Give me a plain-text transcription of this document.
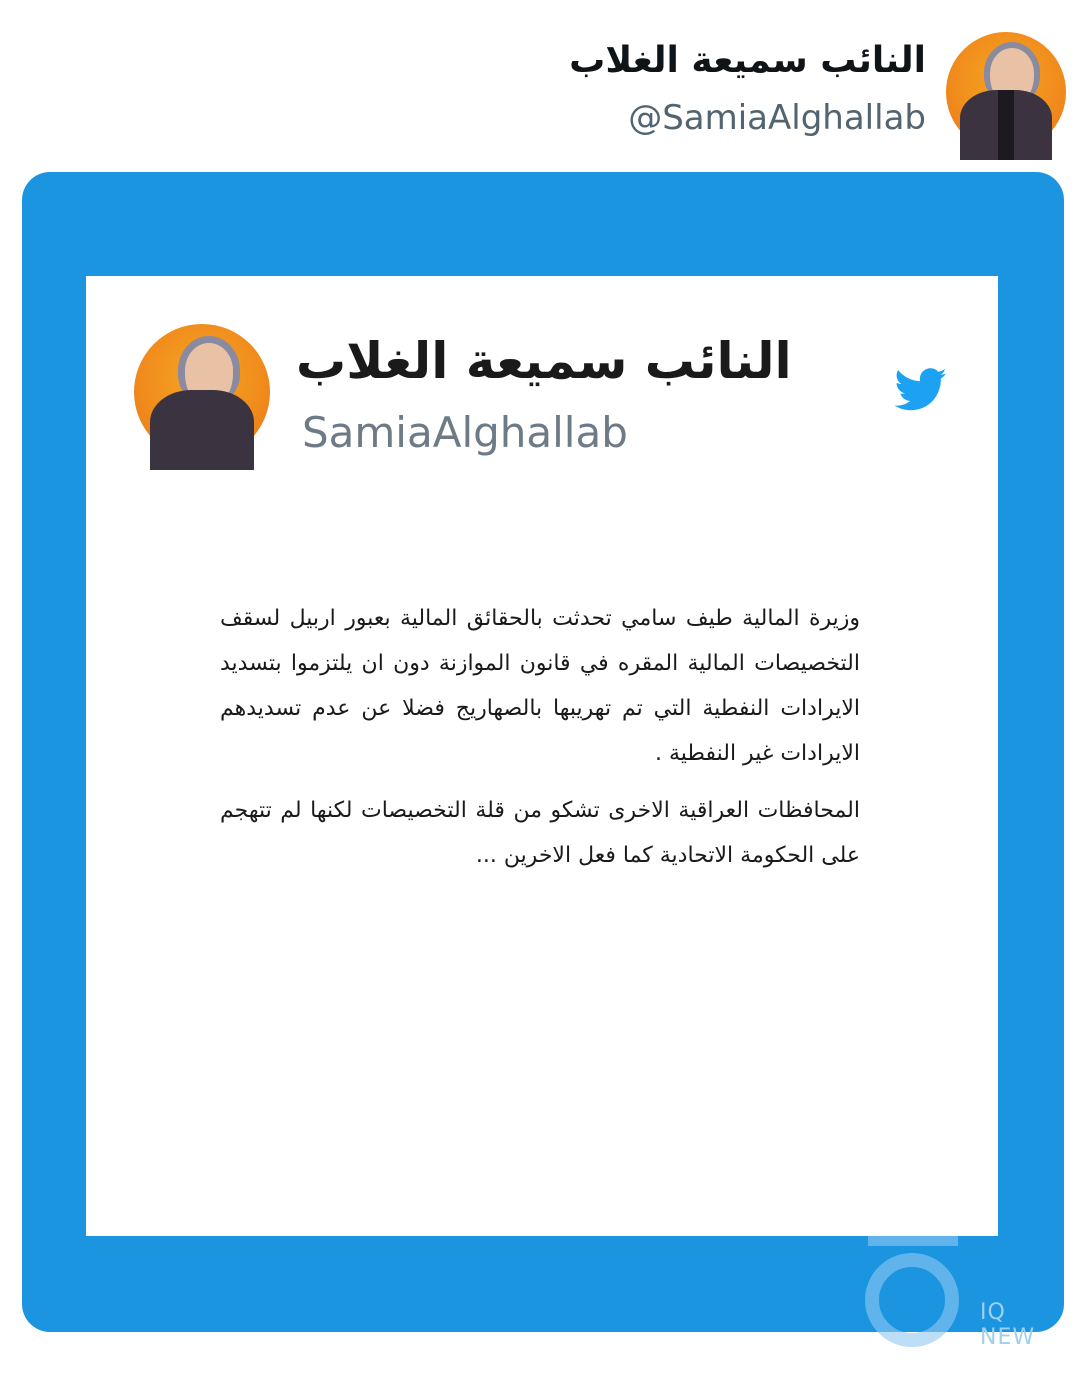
النائب سميعة الغلاب
@SamiaAlghallab
النائب سميعة الغلاب
SamiaAlghallab

وزيرة المالية طيف سامي تحدثت بالحقائق المالية بعبور اربيل لسقف التخصيصات المالية المقره في قانون الموازنة دون ان يلتزموا بتسديد الايرادات النفطية التي تم تهريبها بالصهاريج فضلا عن عدم تسديدهم الايرادات غير النفطية .

المحافظات العراقية الاخرى تشكو من قلة التخصيصات لكنها لم تتهجم على الحكومة الاتحادية كما فعل الاخرين ...

IQ NEW
